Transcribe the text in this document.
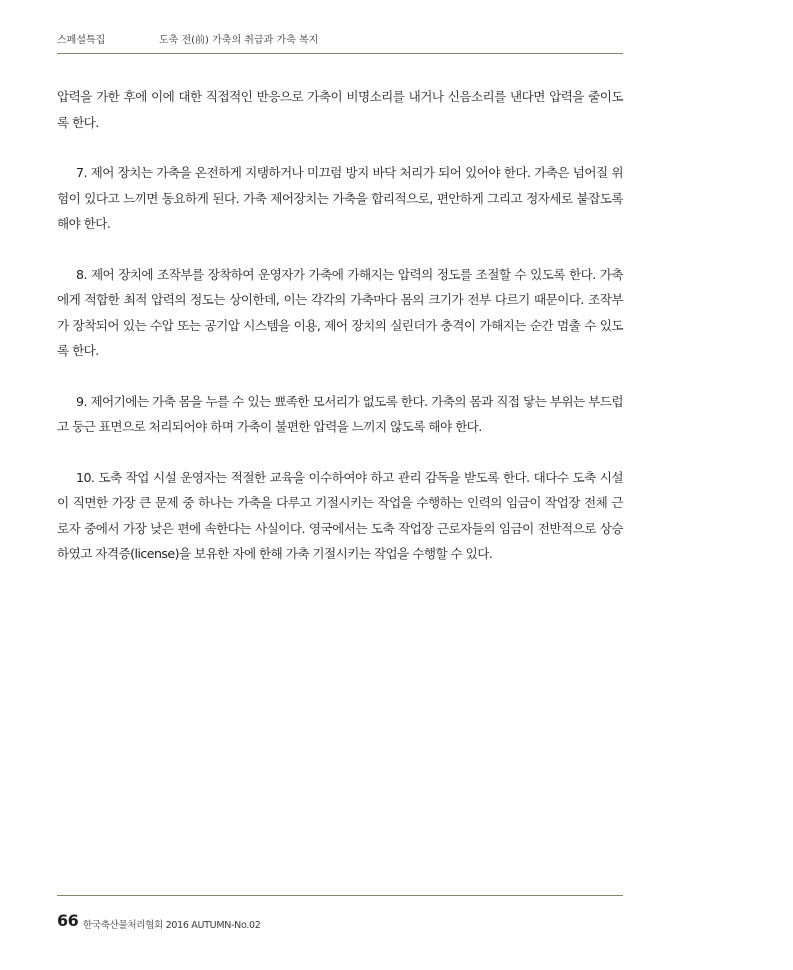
스페셜특집	도축 전(前) 가축의 취급과 가축 복지

압력을 가한 후에 이에 대한 직접적인 반응으로 가축이 비명소리를 내거나 신음소리를 낸다면 압력을 줄이도록 한다.

7. 제어 장치는 가축을 온전하게 지탱하거나 미끄럼 방지 바닥 처리가 되어 있어야 한다. 가축은 넘어질 위험이 있다고 느끼면 동요하게 된다. 가축 제어장치는 가축을 합리적으로, 편안하게 그리고 정자세로 붙잡도록 해야 한다.

8. 제어 장치에 조작부를 장착하여 운영자가 가축에 가해지는 압력의 정도를 조절할 수 있도록 한다. 가축에게 적합한 최적 압력의 정도는 상이한데, 이는 각각의 가축마다 몸의 크기가 전부 다르기 때문이다. 조작부가 장착되어 있는 수압 또는 공기압 시스템을 이용, 제어 장치의 실린더가 충격이 가해지는 순간 멈출 수 있도록 한다.

9. 제어기에는 가축 몸을 누를 수 있는 뾰족한 모서리가 없도록 한다. 가축의 몸과 직접 닿는 부위는 부드럽고 둥근 표면으로 처리되어야 하며 가축이 불편한 압력을 느끼지 않도록 해야 한다.

10. 도축 작업 시설 운영자는 적절한 교육을 이수하여야 하고 관리 감독을 받도록 한다. 대다수 도축 시설이 직면한 가장 큰 문제 중 하나는 가축을 다루고 기절시키는 작업을 수행하는 인력의 임금이 작업장 전체 근로자 중에서 가장 낮은 편에 속한다는 사실이다. 영국에서는 도축 작업장 근로자들의 임금이 전반적으로 상승하였고 자격증(license)을 보유한 자에 한해 가축 기절시키는 작업을 수행할 수 있다.

66 한국축산물처리협회 2016 AUTUMN-No.02
